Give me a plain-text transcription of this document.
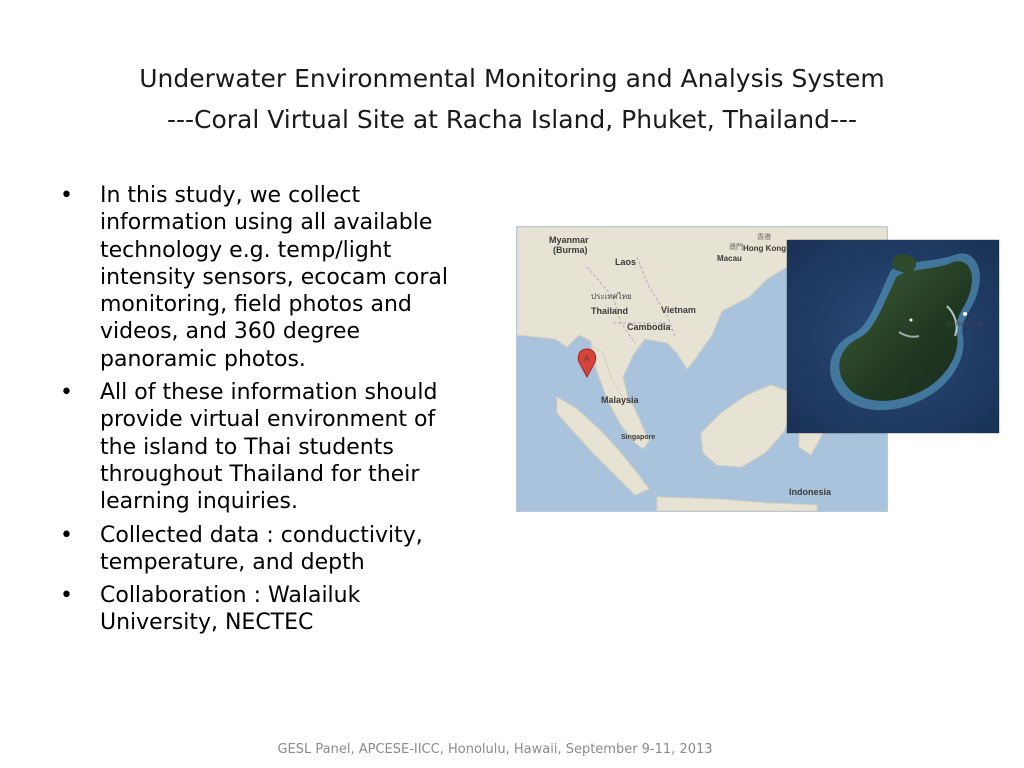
Underwater Environmental Monitoring and Analysis System
---Coral Virtual Site at Racha Island, Phuket, Thailand---
• In this study, we collect information using all available technology e.g. temp/light intensity sensors, ecocam coral monitoring, field photos and videos, and 360 degree panoramic photos.
• All of these information should provide virtual environment of the island to Thai students throughout Thailand for their learning inquiries.
• Collected data : conductivity, temperature, and depth
• Collaboration : Walailuk University, NECTEC
Myanmar
(Burma)
Laos
香港
澳門 Hong Kong
Macau
ประเทศไทย
Thailand	Vietnam
Cambodia
Malaysia
Singapore
Indonesia
A
Ko Racha Yai
GESL Panel, APCESE-IICC, Honolulu, Hawaii, September 9-11, 2013
